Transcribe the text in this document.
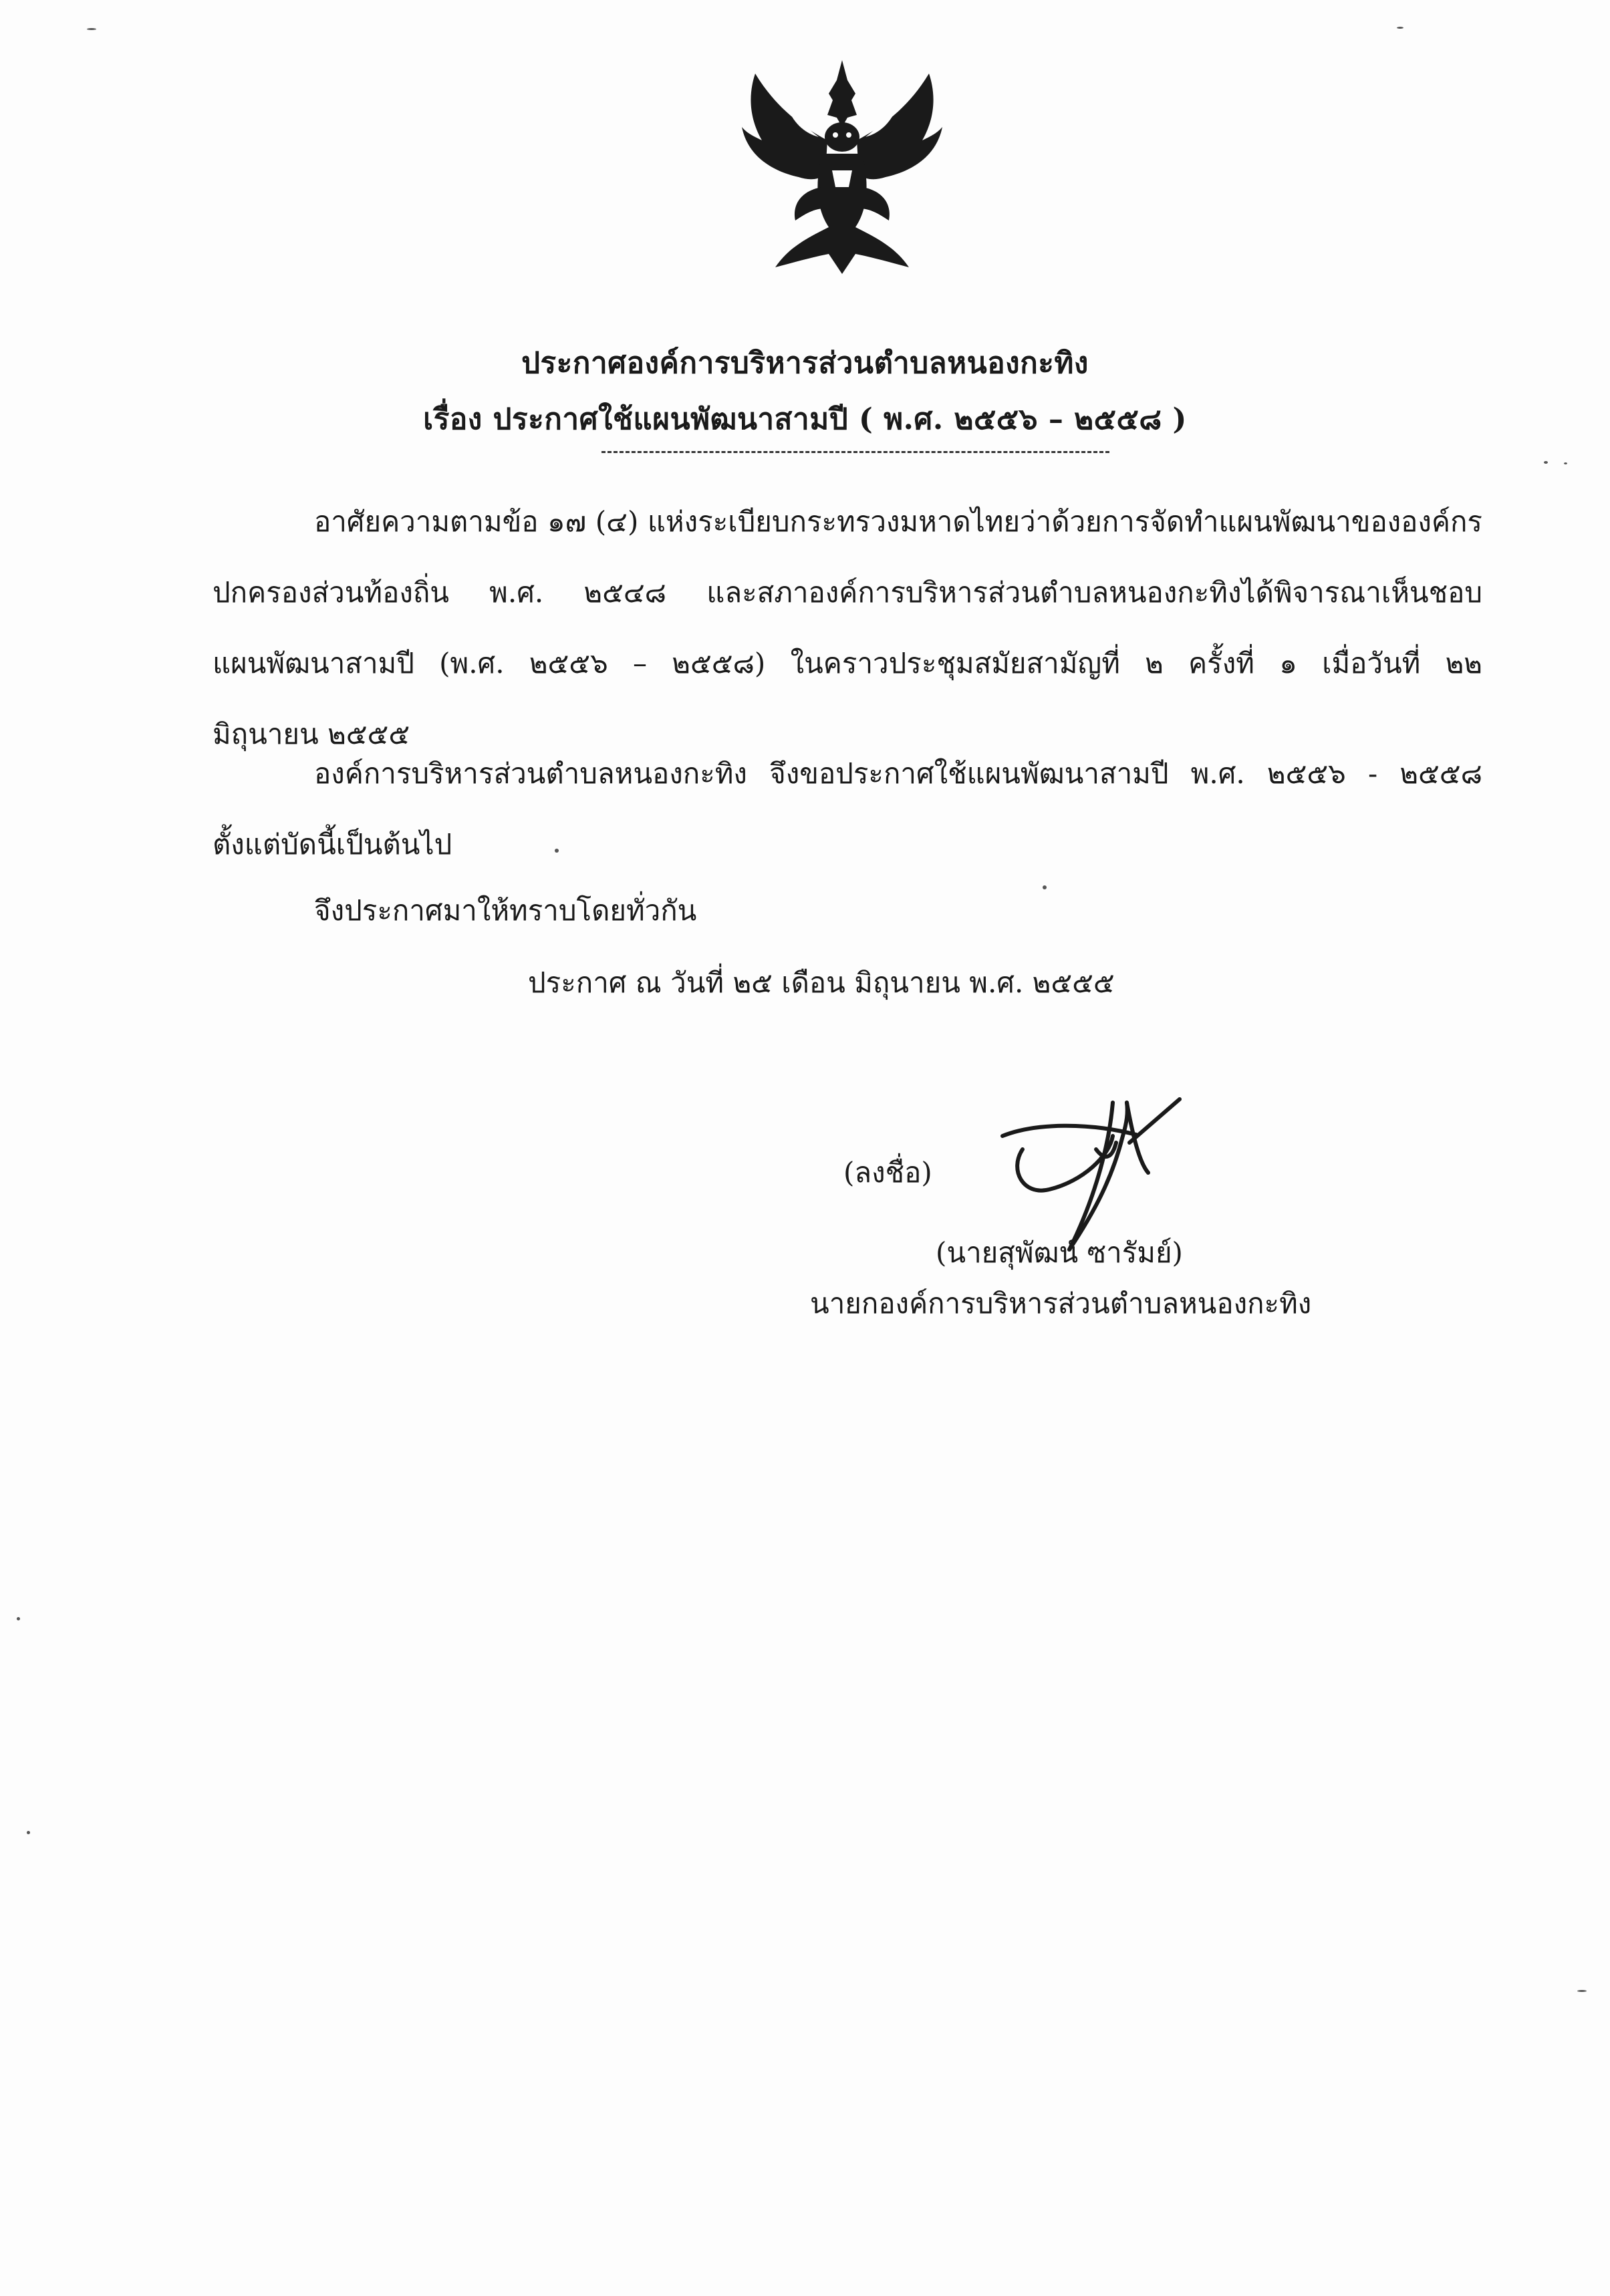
ประกาศองค์การบริหารส่วนตำบลหนองกะทิง
เรื่อง ประกาศใช้แผนพัฒนาสามปี ( พ.ศ. ๒๕๕๖ – ๒๕๕๘ )
อาศัยความตามข้อ ๑๗ (๔) แห่งระเบียบกระทรวงมหาดไทยว่าด้วยการจัดทำแผนพัฒนาขององค์กร
ปกครองส่วนท้องถิ่น พ.ศ. ๒๕๔๘ และสภาองค์การบริหารส่วนตำบลหนองกะทิงได้พิจารณาเห็นชอบ
แผนพัฒนาสามปี (พ.ศ. ๒๕๕๖ – ๒๕๕๘) ในคราวประชุมสมัยสามัญที่ ๒ ครั้งที่ ๑ เมื่อวันที่ ๒๒
มิถุนายน ๒๕๕๕
องค์การบริหารส่วนตำบลหนองกะทิง จึงขอประกาศใช้แผนพัฒนาสามปี พ.ศ. ๒๕๕๖ - ๒๕๕๘
ตั้งแต่บัดนี้เป็นต้นไป
จึงประกาศมาให้ทราบโดยทั่วกัน
ประกาศ ณ วันที่ ๒๕ เดือน มิถุนายน พ.ศ. ๒๕๕๕
(ลงชื่อ)
(นายสุพัฒน์ ซารัมย์)
นายกองค์การบริหารส่วนตำบลหนองกะทิง
